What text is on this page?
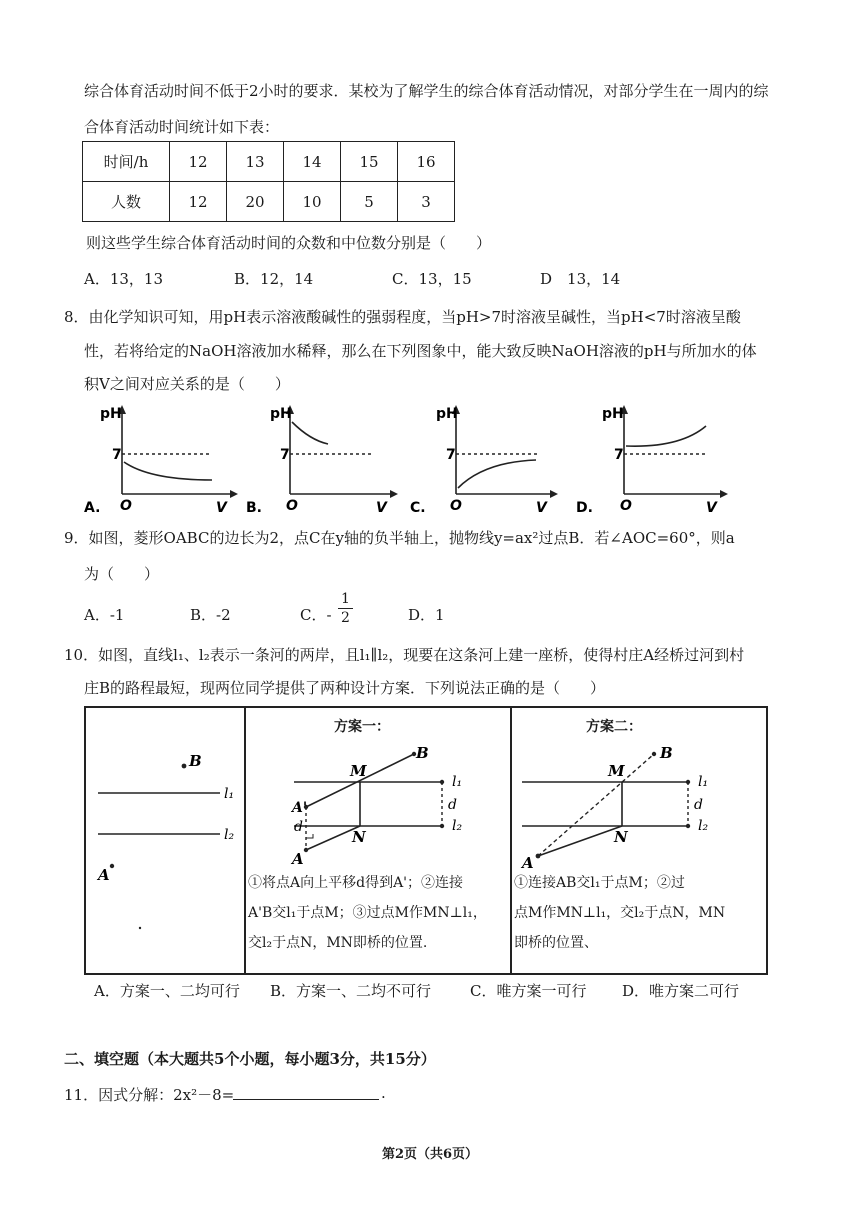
综合体育活动时间不低于2小时的要求．某校为了解学生的综合体育活动情况，对部分学生在一周内的综
合体育活动时间统计如下表：
时间/h	12	13	14	15	16
人数	12	20	10	5	3
则这些学生综合体育活动时间的众数和中位数分别是（　　）
A．13，13	B．12，14	C．13，15	D　13，14
8．由化学知识可知，用pH表示溶液酸碱性的强弱程度，当pH>7时溶液呈碱性，当pH<7时溶液呈酸
性，若将给定的NaOH溶液加水稀释，那么在下列图象中，能大致反映NaOH溶液的pH与所加水的体
积V之间对应关系的是（　　）
pH
7
O	V
A.
pH
7
O	V
B.
pH
7
O	V
C.
pH
7
O	V
D.
9．如图，菱形OABC的边长为2，点C在y轴的负半轴上，抛物线y=ax²过点B．若∠AOC=60°，则a
为（　　）
A．-1	B．-2	C．-	D．1
$\frac{1}{2}$
10．如图，直线l₁、l₂表示一条河的两岸，且l₁∥l₂，现要在这条河上建一座桥，使得村庄A经桥过河到村
庄B的路程最短，现两位同学提供了两种设计方案．下列说法正确的是（　　）
B
l₁
l₂
A
方案一：
l₁
l₂
d
B
M
A'
d
A
N
①将点A向上平移d得到A'；②连接
A'B交l₁于点M；③过点M作MN⊥l₁，
交l₂于点N，MN即桥的位置.
方案二：
l₁
l₂
d
B
M
A
N
①连接AB交l₁于点M；②过
点M作MN⊥l₁，交l₂于点N，MN
即桥的位置、
A．方案一、二均可行 B．方案一、二均不可行	C．唯方案一可行 D．唯方案二可行
二、填空题（本大题共5个小题，每小题3分，共15分）
11．因式分解：2x²－8=	.
第2页（共6页）
